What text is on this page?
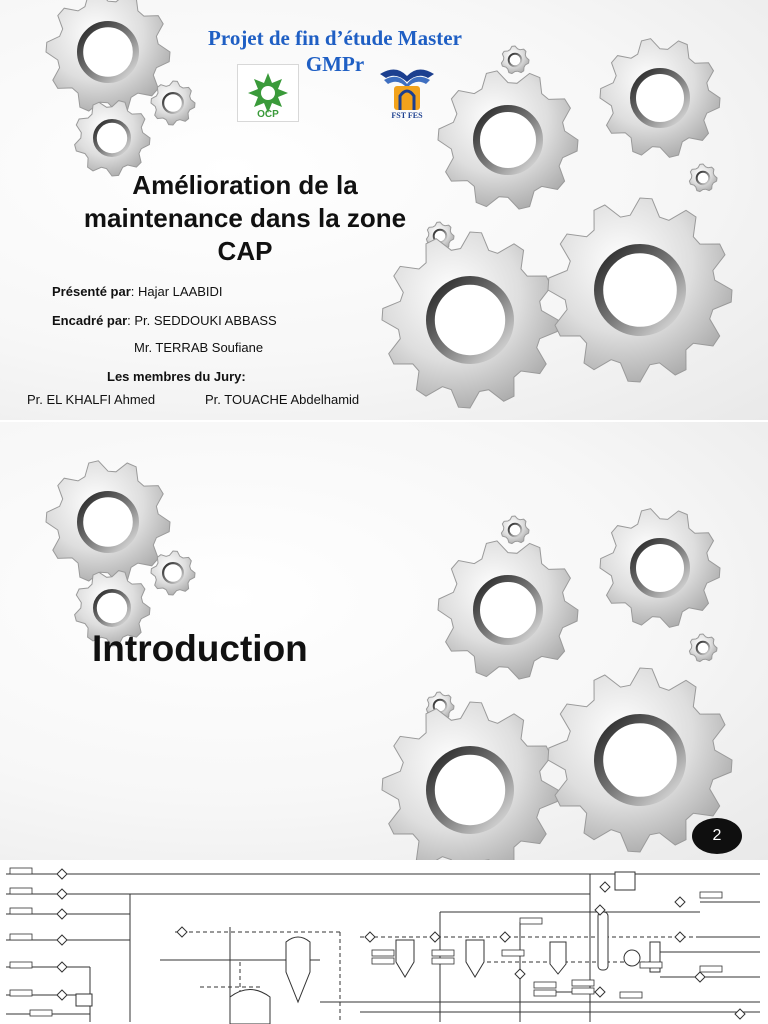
Projet de fin d’étude Master
GMPr
OCP	FST FES
Amélioration de la
maintenance dans la zone
CAP
Présenté par: Hajar LAABIDI
Encadré par: Pr. SEDDOUKI ABBASS
Mr. TERRAB Soufiane
Les membres du Jury:
Pr. EL KHALFI Ahmed	Pr. TOUACHE Abdelhamid
Introduction
2
